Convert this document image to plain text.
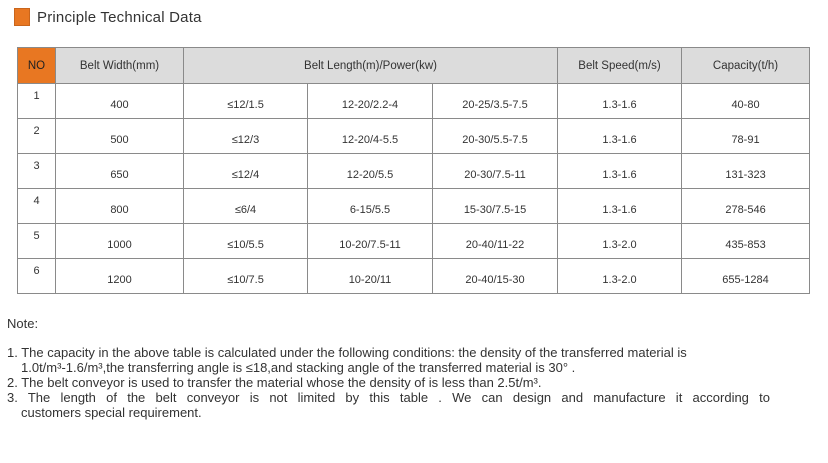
Principle Technical Data
NO	Belt Width(mm)	Belt Length(m)/Power(kw)			Belt Speed(m/s)	Capacity(t/h)
1	400	≤12/1.5	12-20/2.2-4	20-25/3.5-7.5	1.3-1.6	40-80
2	500	≤12/3	12-20/4-5.5	20-30/5.5-7.5	1.3-1.6	78-91
3	650	≤12/4	12-20/5.5	20-30/7.5-11	1.3-1.6	131-323
4	800	≤6/4	6-15/5.5	15-30/7.5-15	1.3-1.6	278-546
5	1000	≤10/5.5	10-20/7.5-11	20-40/11-22	1.3-2.0	435-853
6	1200	≤10/7.5	10-20/11	20-40/15-30	1.3-2.0	655-1284
Note:

1. The capacity in the above table is calculated under the following conditions: the density of the transferred material is
1.0t/m³-1.6/m³,the transferring angle is ≤18,and stacking angle of the transferred material is 30° .

2. The belt conveyor is used to transfer the material whose the density of is less than 2.5t/m³.

3. The length of the belt conveyor is not limited by this table . We can design and manufacture it according to
customers special requirement.
